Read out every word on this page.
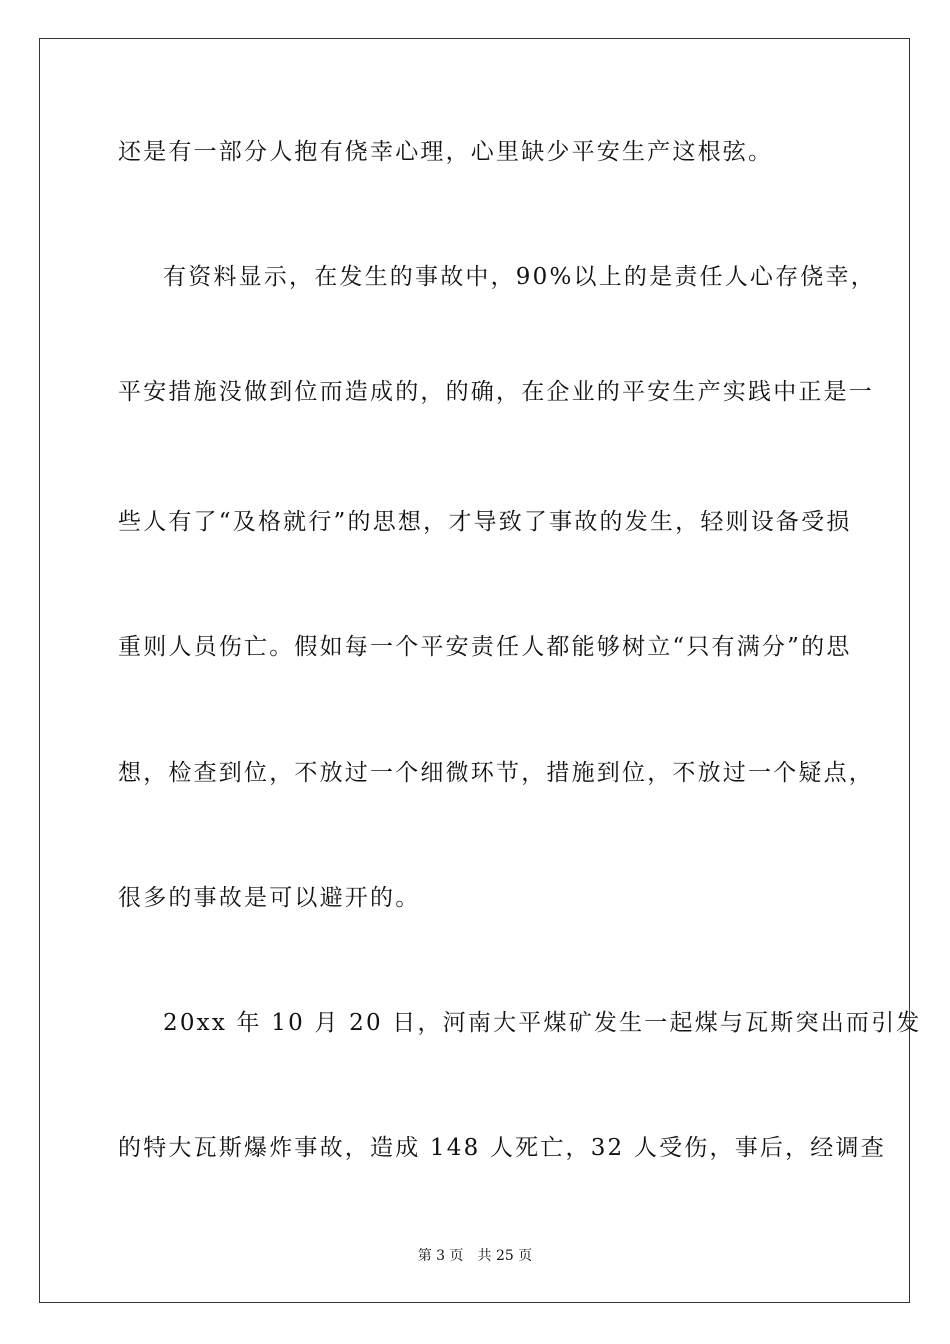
还是有一部分人抱有侥幸心理，心里缺少平安生产这根弦。
有资料显示，在发生的事故中，90%以上的是责任人心存侥幸，
平安措施没做到位而造成的，的确，在企业的平安生产实践中正是一
些人有了“及格就行”的思想，才导致了事故的发生，轻则设备受损
重则人员伤亡。假如每一个平安责任人都能够树立“只有满分”的思
想，检查到位，不放过一个细微环节，措施到位，不放过一个疑点，
很多的事故是可以避开的。
20xx 年 10 月 20 日，河南大平煤矿发生一起煤与瓦斯突出而引发
的特大瓦斯爆炸事故，造成 148 人死亡，32 人受伤，事后，经调查
第 3 页 共 25 页
